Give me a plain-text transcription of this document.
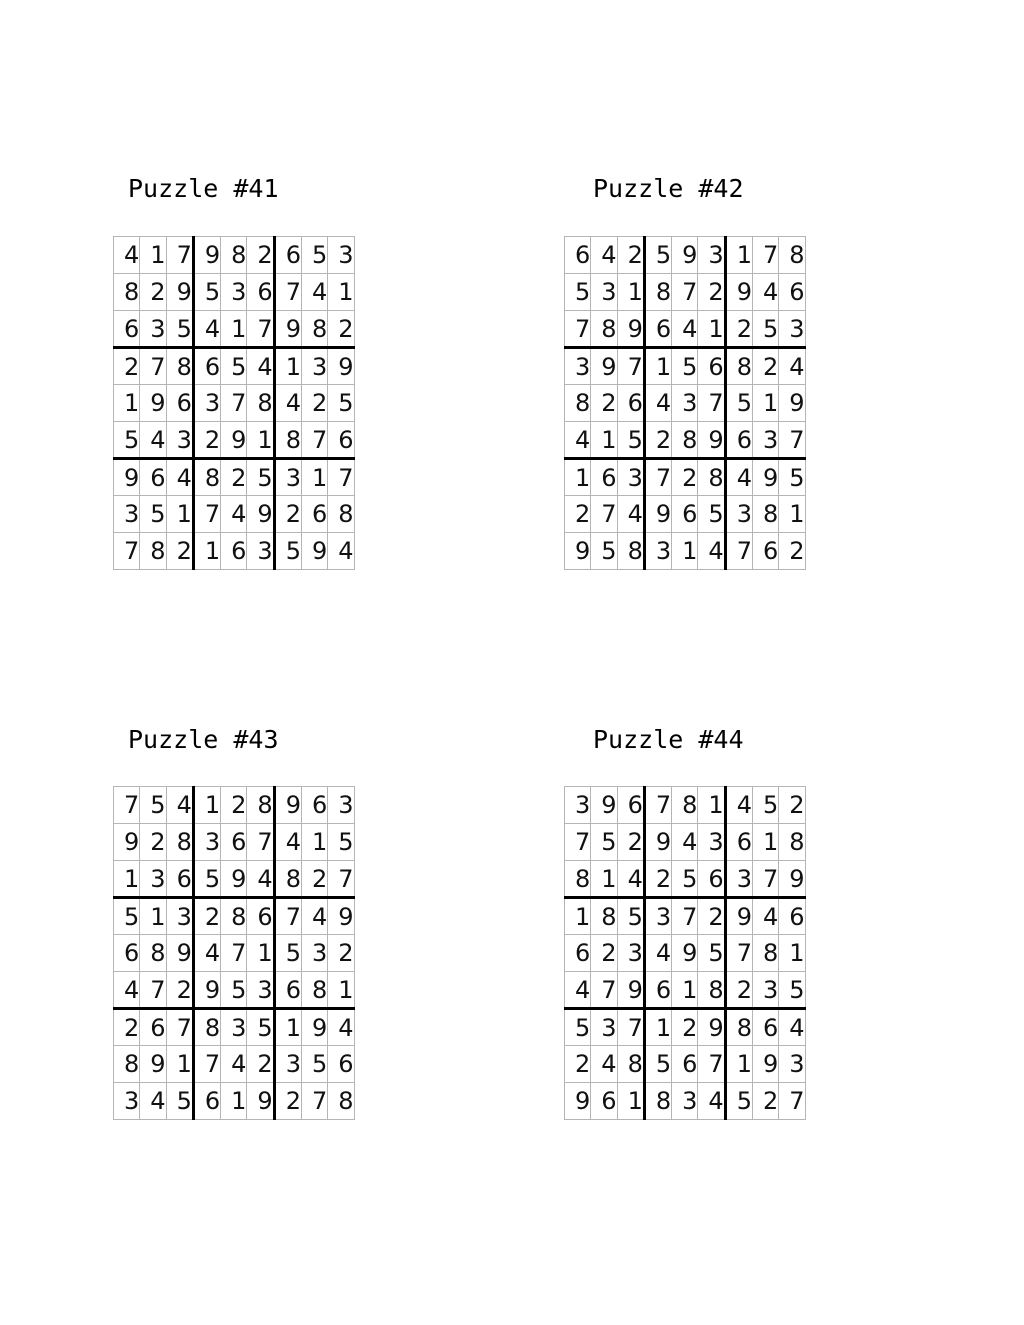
Puzzle #41
4	1	7	9	8	2	6	5	3
8	2	9	5	3	6	7	4	1
6	3	5	4	1	7	9	8	2
2	7	8	6	5	4	1	3	9
1	9	6	3	7	8	4	2	5
5	4	3	2	9	1	8	7	6
9	6	4	8	2	5	3	1	7
3	5	1	7	4	9	2	6	8
7	8	2	1	6	3	5	9	4
Puzzle #42
6	4	2	5	9	3	1	7	8
5	3	1	8	7	2	9	4	6
7	8	9	6	4	1	2	5	3
3	9	7	1	5	6	8	2	4
8	2	6	4	3	7	5	1	9
4	1	5	2	8	9	6	3	7
1	6	3	7	2	8	4	9	5
2	7	4	9	6	5	3	8	1
9	5	8	3	1	4	7	6	2
Puzzle #43
7	5	4	1	2	8	9	6	3
9	2	8	3	6	7	4	1	5
1	3	6	5	9	4	8	2	7
5	1	3	2	8	6	7	4	9
6	8	9	4	7	1	5	3	2
4	7	2	9	5	3	6	8	1
2	6	7	8	3	5	1	9	4
8	9	1	7	4	2	3	5	6
3	4	5	6	1	9	2	7	8
Puzzle #44
3	9	6	7	8	1	4	5	2
7	5	2	9	4	3	6	1	8
8	1	4	2	5	6	3	7	9
1	8	5	3	7	2	9	4	6
6	2	3	4	9	5	7	8	1
4	7	9	6	1	8	2	3	5
5	3	7	1	2	9	8	6	4
2	4	8	5	6	7	1	9	3
9	6	1	8	3	4	5	2	7
